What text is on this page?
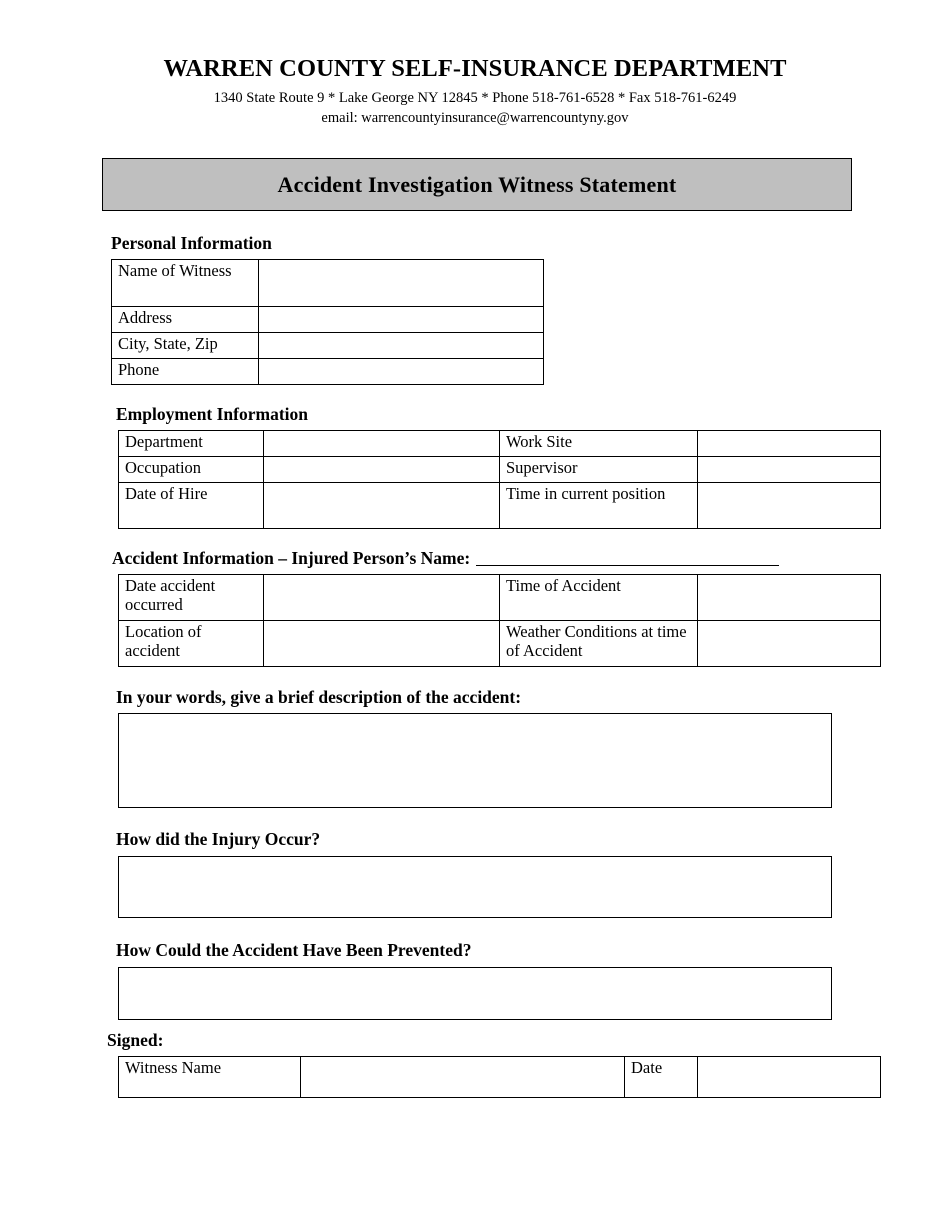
WARREN COUNTY SELF-INSURANCE DEPARTMENT
1340 State Route 9 * Lake George NY 12845 * Phone 518-761-6528 * Fax 518-761-6249
email: warrencountyinsurance@warrencountyny.gov
Accident Investigation Witness Statement
Personal Information
Name of Witness		
Address		
City, State, Zip		
Phone		
Employment Information
Department		Work Site	
Occupation		Supervisor	
Date of Hire		Time in current position	
Accident Information – Injured Person’s Name:
Date accident occurred		Time of Accident	
Location of accident		Weather Conditions at time of Accident	
In your words, give a brief description of the accident:
How did the Injury Occur?
How Could the Accident Have Been Prevented?
Signed:
Witness Name		Date	
